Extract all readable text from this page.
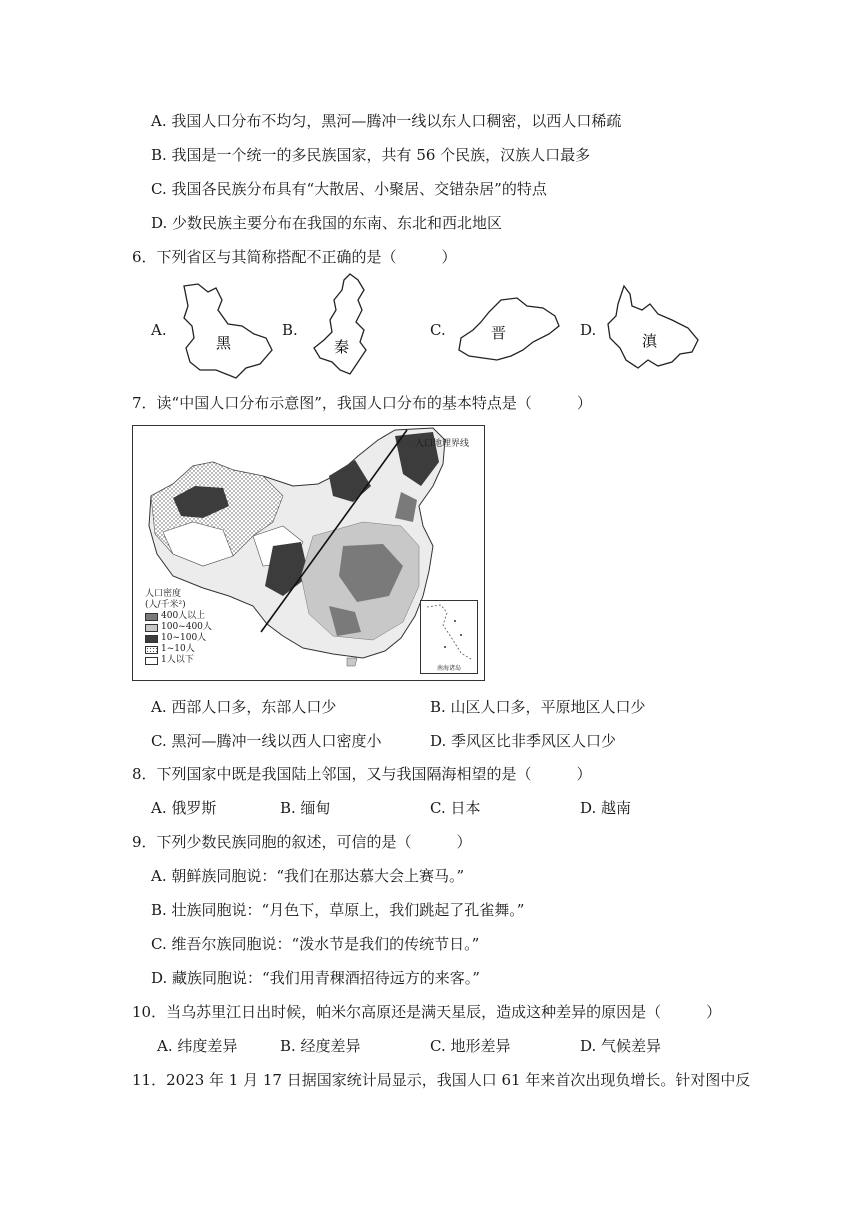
A. 我国人口分布不均匀，黑河—腾冲一线以东人口稠密，以西人口稀疏
B. 我国是一个统一的多民族国家，共有 56 个民族，汉族人口最多
C. 我国各民族分布具有“大散居、小聚居、交错杂居”的特点
D. 少数民族主要分布在我国的东南、东北和西北地区
6．下列省区与其简称搭配不正确的是（　　　）
A.
黑
B.
秦
C.	晋	D.
滇
7．读“中国人口分布示意图”，我国人口分布的基本特点是（　　　）
人口地理界线
人口密度
(人/千米²)
400人以上
100~400人
10~100人
1~10人
1人以下
南海诸岛
A. 西部人口多，东部人口少	B. 山区人口多，平原地区人口少
C. 黑河—腾冲一线以西人口密度小	D. 季风区比非季风区人口少
8．下列国家中既是我国陆上邻国，又与我国隔海相望的是（　　　）
A. 俄罗斯	B. 缅甸	C. 日本	D. 越南
9．下列少数民族同胞的叙述，可信的是（　　　）
A. 朝鲜族同胞说：“我们在那达慕大会上赛马。”
B. 壮族同胞说：“月色下，草原上，我们跳起了孔雀舞。”
C. 维吾尔族同胞说：“泼水节是我们的传统节日。”
D. 藏族同胞说：“我们用青稞酒招待远方的来客。”
10．当乌苏里江日出时候，帕米尔高原还是满天星辰，造成这种差异的原因是（　　　）
A. 纬度差异	B. 经度差异	C. 地形差异	D. 气候差异
11．2023 年 1 月 17 日据国家统计局显示，我国人口 61 年来首次出现负增长。针对图中反
